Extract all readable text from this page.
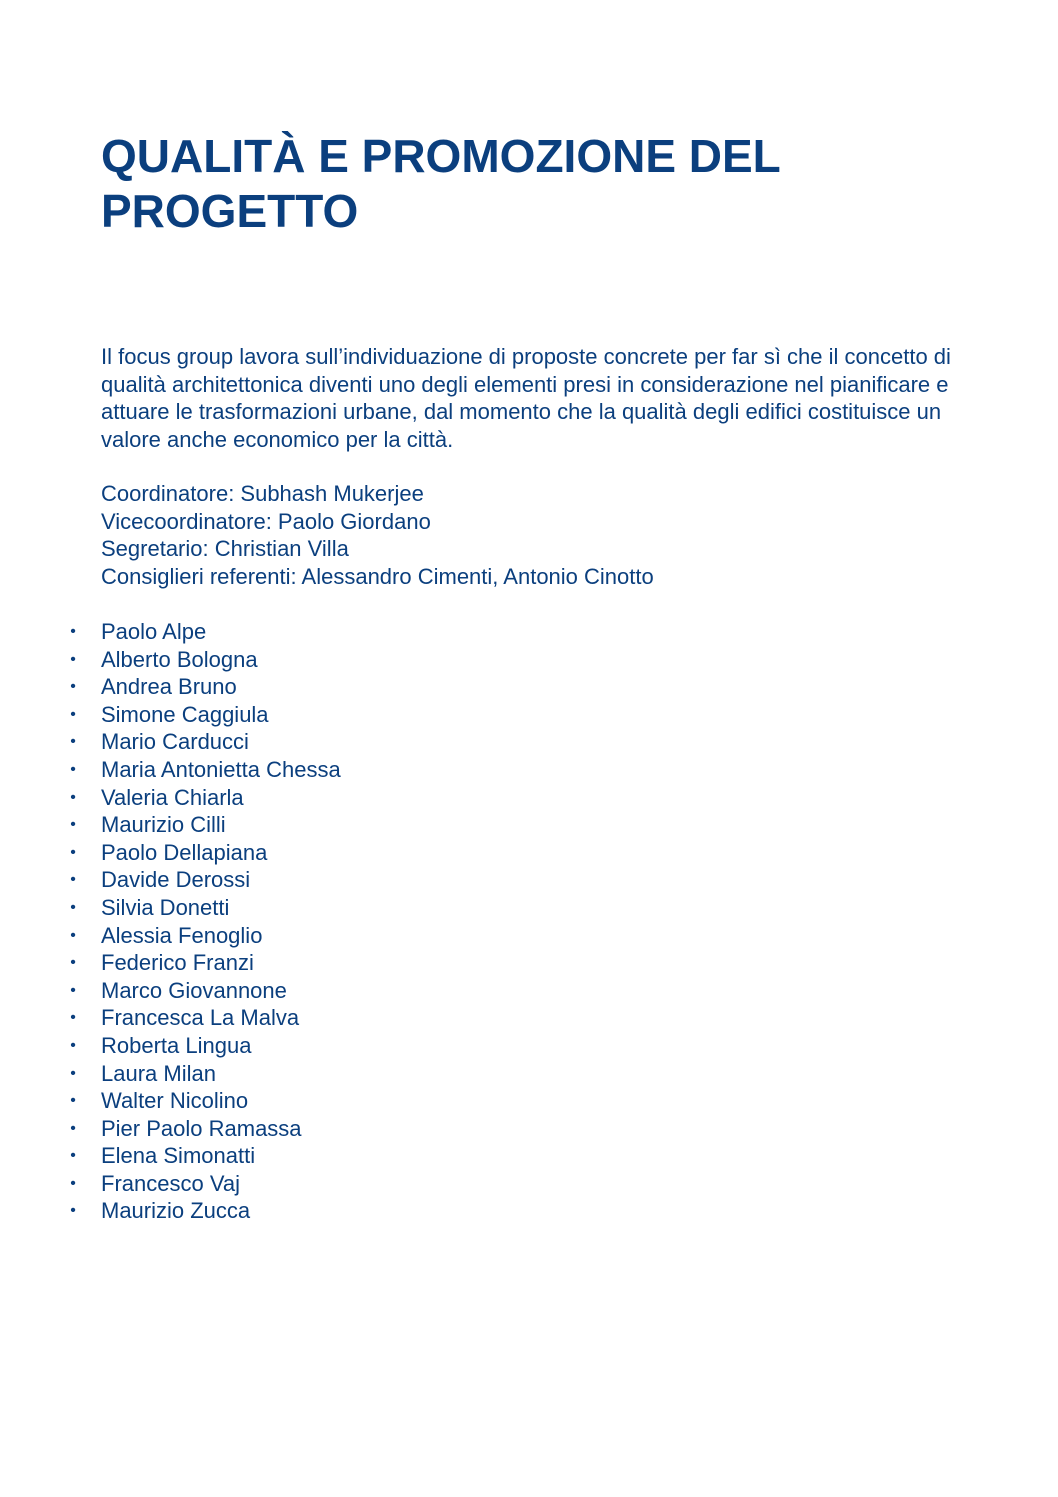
QUALITÀ E PROMOZIONE DEL PROGETTO

Il focus group lavora sull’individuazione di proposte concrete per far sì che il concetto di qualità architettonica diventi uno degli elementi presi in considerazione nel pianificare e attuare le trasformazioni urbane, dal momento che la qualità degli edifici costituisce un valore anche economico per la città.

Coordinatore: Subhash Mukerjee
Vicecoordinatore: Paolo Giordano
Segretario: Christian Villa
Consiglieri referenti: Alessandro Cimenti, Antonio Cinotto
• Paolo Alpe
• Alberto Bologna
• Andrea Bruno
• Simone Caggiula
• Mario Carducci
• Maria Antonietta Chessa
• Valeria Chiarla
• Maurizio Cilli
• Paolo Dellapiana
• Davide Derossi
• Silvia Donetti
• Alessia Fenoglio
• Federico Franzi
• Marco Giovannone
• Francesca La Malva
• Roberta Lingua
• Laura Milan
• Walter Nicolino
• Pier Paolo Ramassa
• Elena Simonatti
• Francesco Vaj
• Maurizio Zucca
